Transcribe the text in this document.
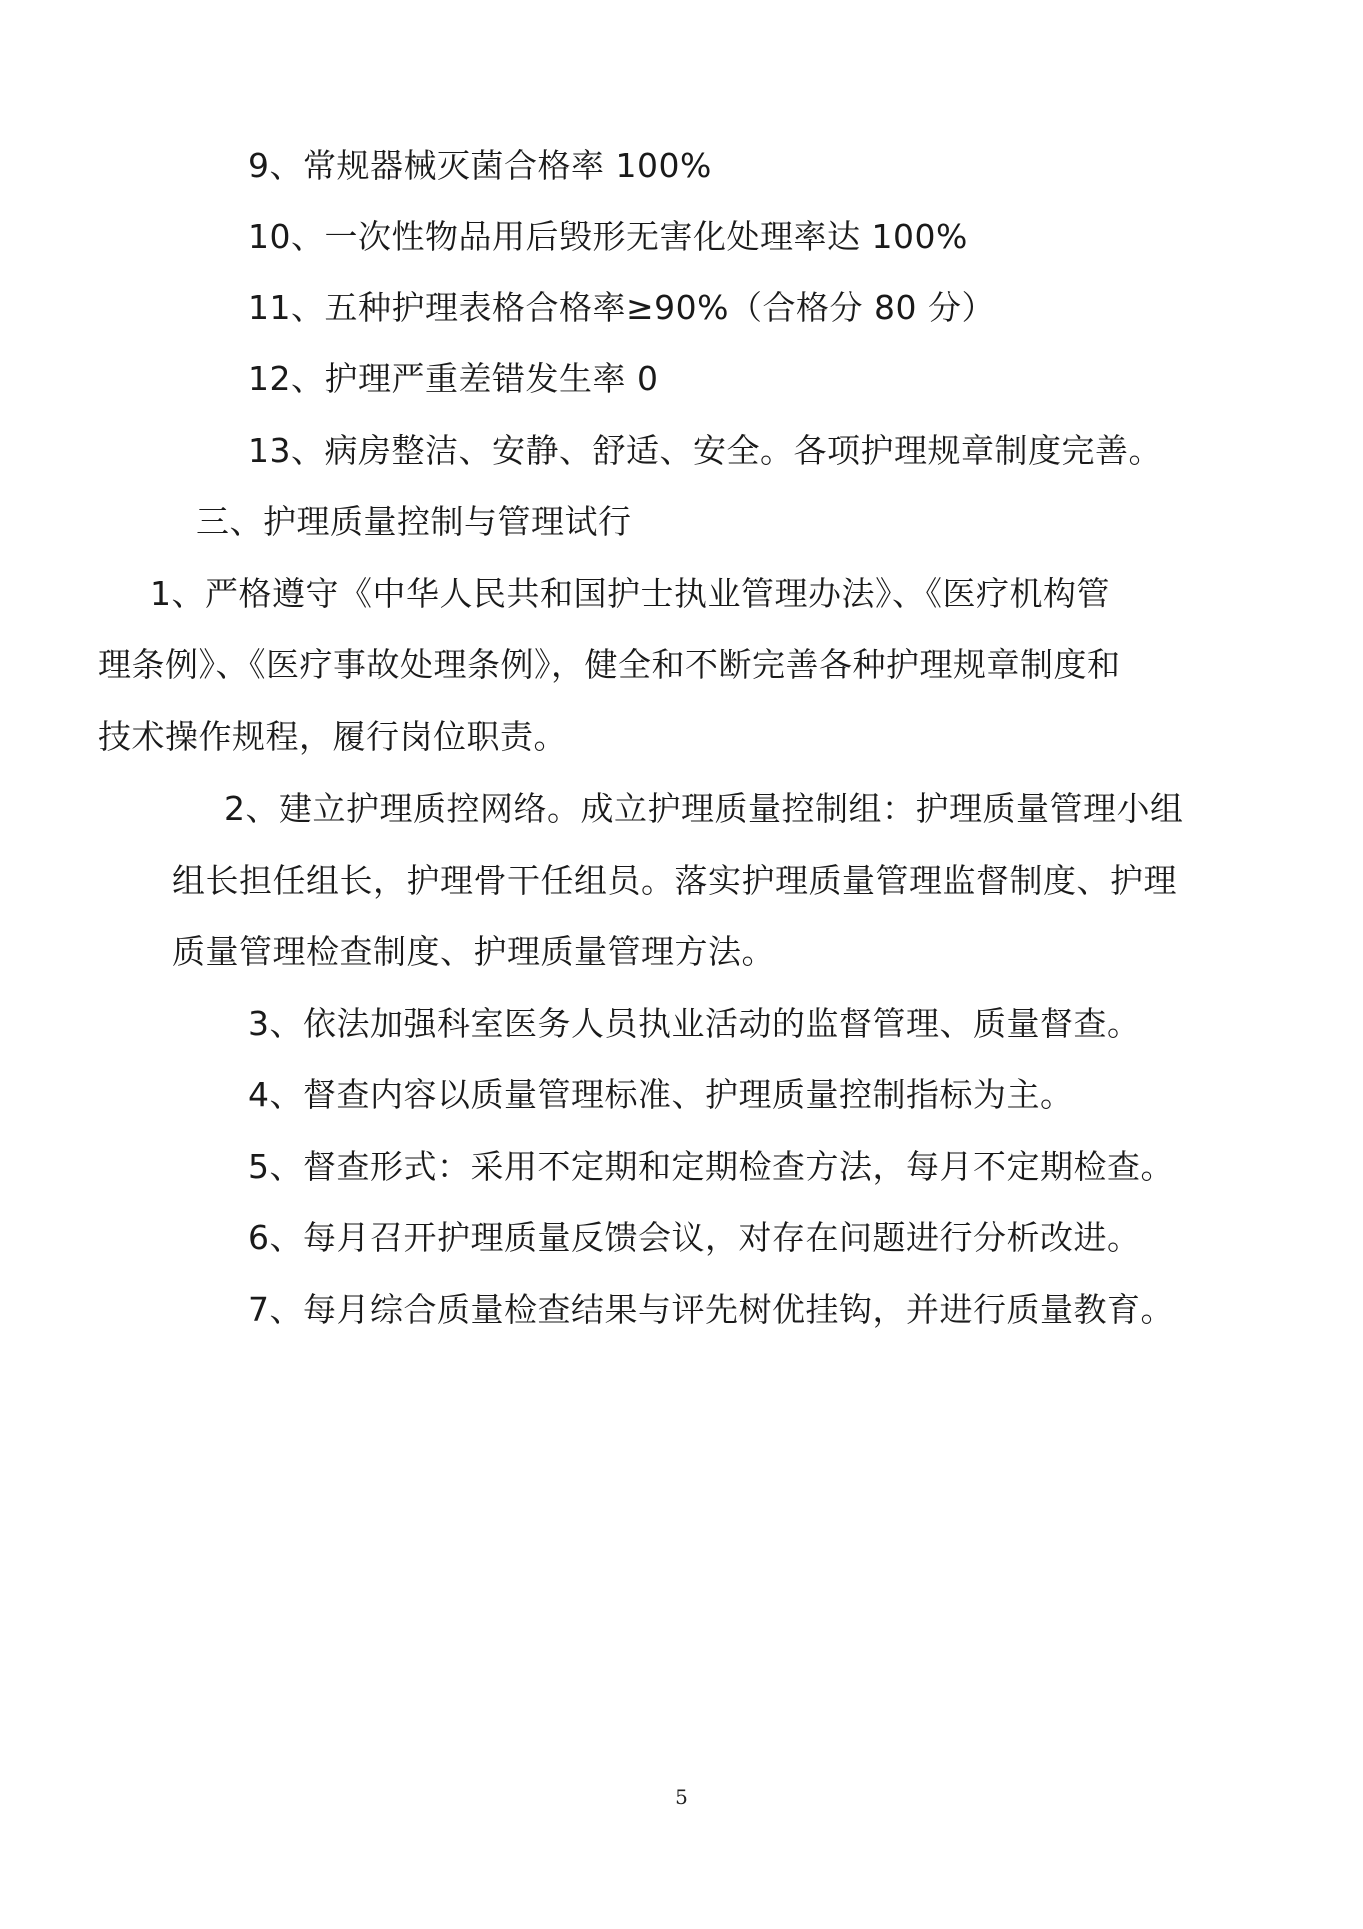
9、常规器械灭菌合格率 100%
10、一次性物品用后毁形无害化处理率达 100%
11、五种护理表格合格率≥90%（合格分 80 分）
12、护理严重差错发生率 0
13、病房整洁、安静、舒适、安全。各项护理规章制度完善。
三、护理质量控制与管理试行
1、严格遵守《中华人民共和国护士执业管理办法》、《医疗机构管
理条例》、《医疗事故处理条例》，健全和不断完善各种护理规章制度和
技术操作规程，履行岗位职责。
2、建立护理质控网络。成立护理质量控制组：护理质量管理小组
组长担任组长，护理骨干任组员。落实护理质量管理监督制度、护理
质量管理检查制度、护理质量管理方法。
3、依法加强科室医务人员执业活动的监督管理、质量督查。
4、督查内容以质量管理标准、护理质量控制指标为主。
5、督查形式：采用不定期和定期检查方法，每月不定期检查。
6、每月召开护理质量反馈会议，对存在问题进行分析改进。
7、每月综合质量检查结果与评先树优挂钩，并进行质量教育。
5
